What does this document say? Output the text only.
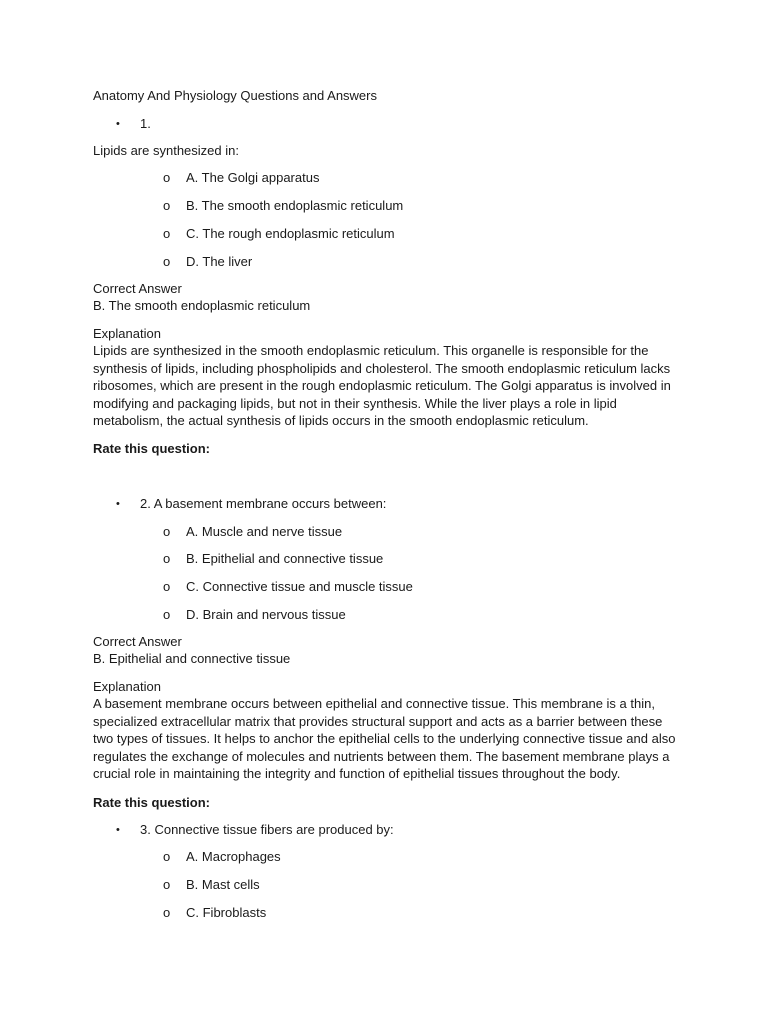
Anatomy And Physiology Questions and Answers
• 1.
Lipids are synthesized in:
o A. The Golgi apparatus
o B. The smooth endoplasmic reticulum
o C. The rough endoplasmic reticulum
o D. The liver
Correct Answer
B. The smooth endoplasmic reticulum
Explanation
Lipids are synthesized in the smooth endoplasmic reticulum. This organelle is responsible for the synthesis of lipids, including phospholipids and cholesterol. The smooth endoplasmic reticulum lacks ribosomes, which are present in the rough endoplasmic reticulum. The Golgi apparatus is involved in modifying and packaging lipids, but not in their synthesis. While the liver plays a role in lipid metabolism, the actual synthesis of lipids occurs in the smooth endoplasmic reticulum.
Rate this question:
• 2. A basement membrane occurs between:
o A. Muscle and nerve tissue
o B. Epithelial and connective tissue
o C. Connective tissue and muscle tissue
o D. Brain and nervous tissue
Correct Answer
B. Epithelial and connective tissue
Explanation
A basement membrane occurs between epithelial and connective tissue. This membrane is a thin, specialized extracellular matrix that provides structural support and acts as a barrier between these two types of tissues. It helps to anchor the epithelial cells to the underlying connective tissue and also regulates the exchange of molecules and nutrients between them. The basement membrane plays a crucial role in maintaining the integrity and function of epithelial tissues throughout the body.
Rate this question:
• 3. Connective tissue fibers are produced by:
o A. Macrophages
o B. Mast cells
o C. Fibroblasts
